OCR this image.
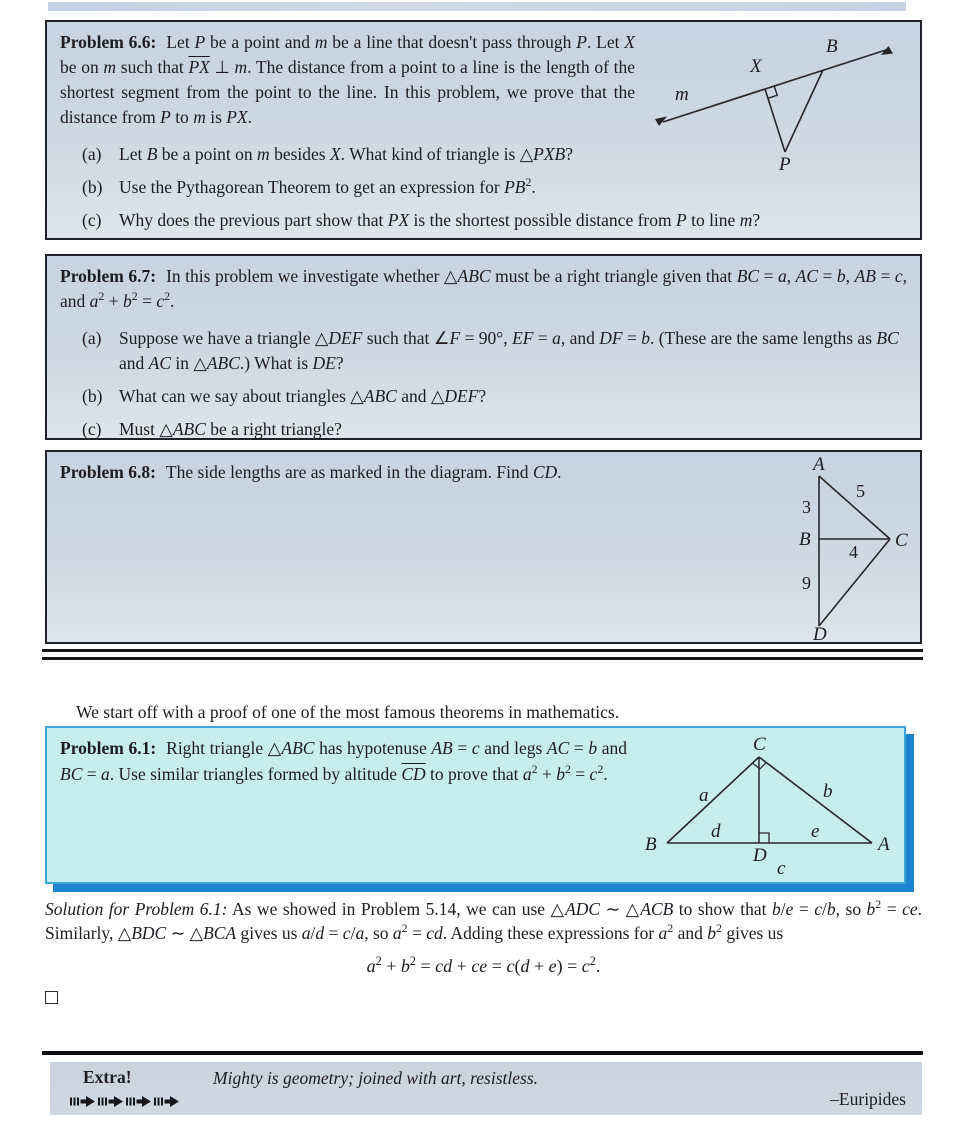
m
X
B
P
Problem 6.6: Let P be a point and m be a line that doesn't pass through P. Let X be on m such that $\overline{PX}$ ⊥ m. The distance from a point to a line is the length of the shortest segment from the point to the line. In this problem, we prove that the distance from P to m is PX.
(a)	Let B be a point on m besides X. What kind of triangle is △PXB?
(b) Use the Pythagorean Theorem to get an expression for $PB^2$.
(c)	Why does the previous part show that PX is the shortest possible distance from P to line m?
Problem 6.7: In this problem we investigate whether △ABC must be a right triangle given that BC = a, AC = b, AB = c, and $a^2 + b^2 = c^2$.
(a)	Suppose we have a triangle △DEF such that ∠F = 90°, EF = a, and DF = b. (These are the same lengths as BC and AC in △ABC.) What is DE?
(b) What can we say about triangles △ABC and △DEF?
(c)	Must △ABC be a right triangle?
Problem 6.8: The side lengths are as marked in the diagram. Find CD.	A
B	C
D
3
5
4
9

We start off with a proof of one of the most famous theorems in mathematics.

C
B	A
D
a	b
d	e
c
Problem 6.1: Right triangle △ABC has hypotenuse AB = c and legs AC = b and BC = a. Use similar triangles formed by altitude $\overline{CD}$ to prove that $a^2 + b^2 = c^2$.

Solution for Problem 6.1: As we showed in Problem 5.14, we can use △ADC ∼ △ACB to show that b/e = c/b, so $b^2$ = ce. Similarly, △BDC ∼ △BCA gives us a/d = c/a, so $a^2$ = cd. Adding these expressions for $a^2$ and $b^2$ gives us

$a^2 + b^2$ = cd + ce = $c(d + e) = c^2$.
Extra!	Mighty is geometry; joined with art, resistless.
–Euripides
